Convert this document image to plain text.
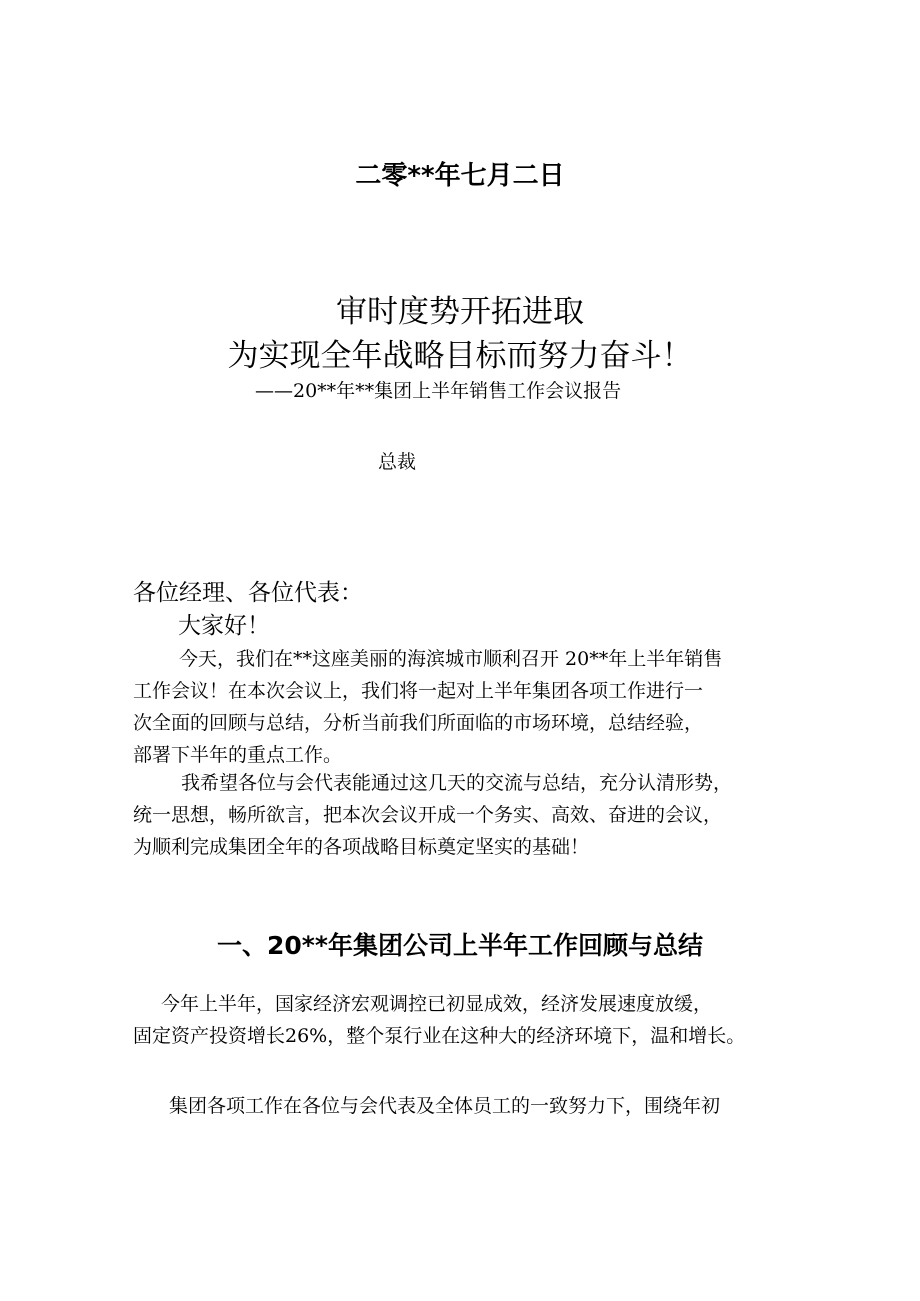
二零**年七月二日
审时度势开拓进取
为实现全年战略目标而努力奋斗！
——20**年**集团上半年销售工作会议报告
总裁
各位经理、各位代表：
大家好！
今天，我们在**这座美丽的海滨城市顺利召开 20**年上半年销售
工作会议！在本次会议上，我们将一起对上半年集团各项工作进行一
次全面的回顾与总结，分析当前我们所面临的市场环境，总结经验，
部署下半年的重点工作。
我希望各位与会代表能通过这几天的交流与总结，充分认清形势，
统一思想，畅所欲言，把本次会议开成一个务实、高效、奋进的会议，
为顺利完成集团全年的各项战略目标奠定坚实的基础！
一、20**年集团公司上半年工作回顾与总结
今年上半年，国家经济宏观调控已初显成效，经济发展速度放缓，
固定资产投资增长26%，整个泵行业在这种大的经济环境下，温和增长。
集团各项工作在各位与会代表及全体员工的一致努力下，围绕年初
